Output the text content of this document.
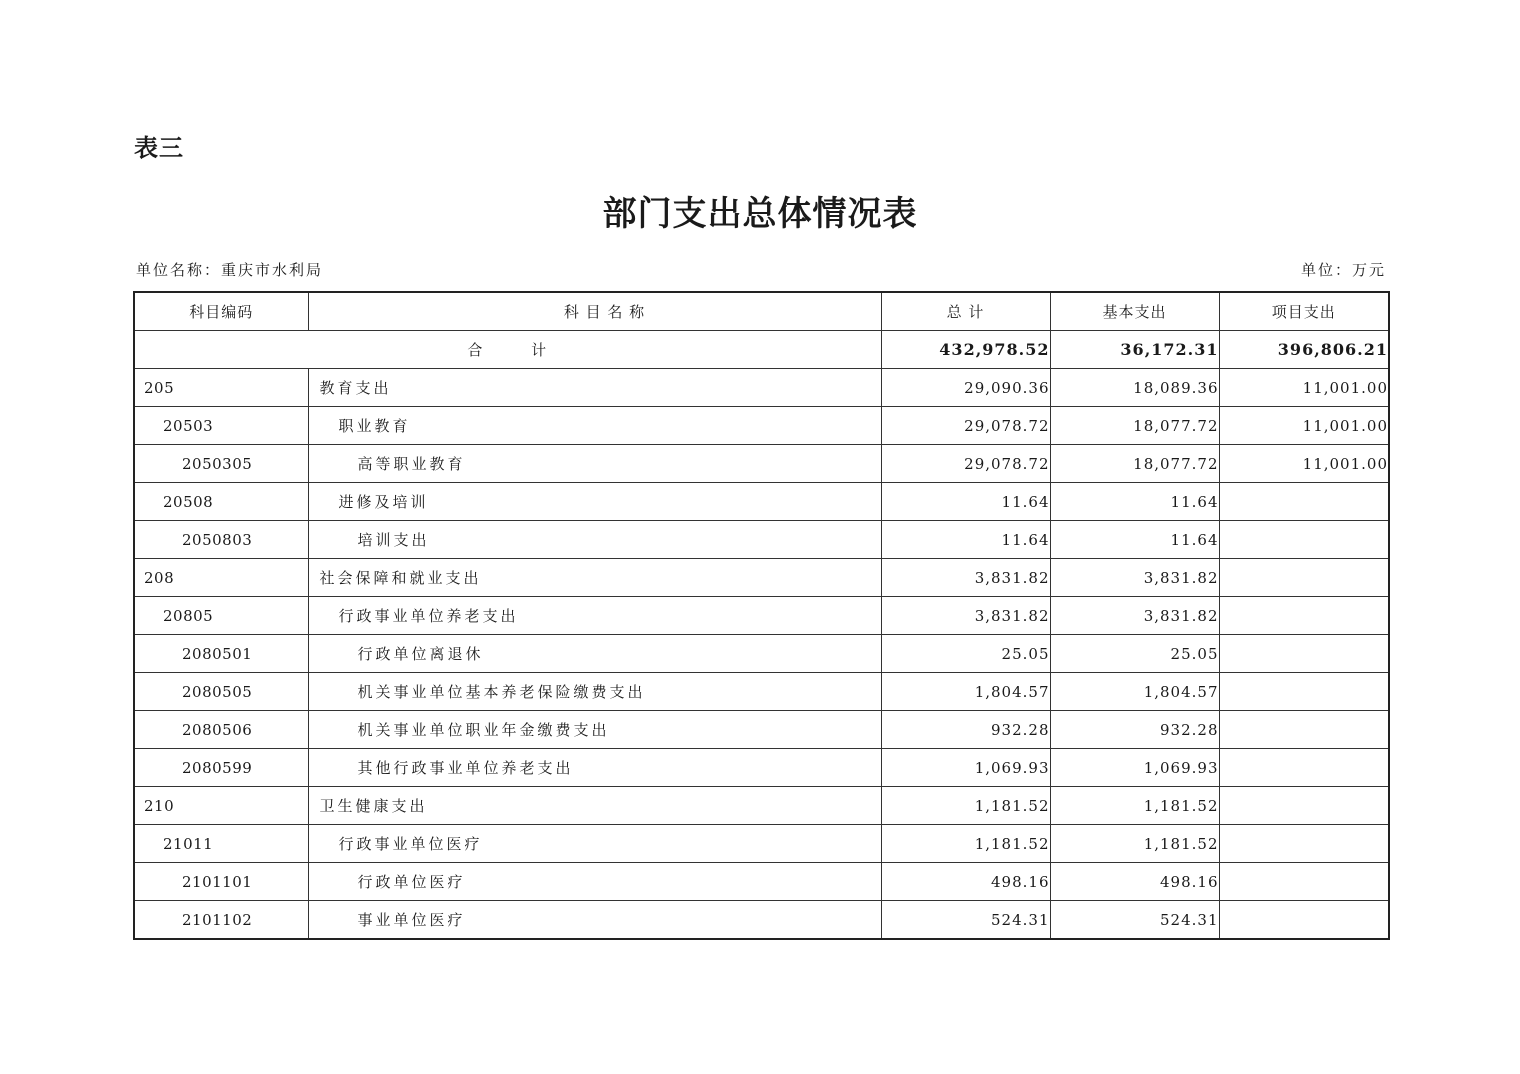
表三
部门支出总体情况表
单位名称：重庆市水利局	单位：万元
科目编码	科 目 名 称	总 计	基本支出	项目支出
合 计		432,978.52	36,172.31	396,806.21
205	教育支出	29,090.36	18,089.36	11,001.00
20503	职业教育	29,078.72	18,077.72	11,001.00
2050305	高等职业教育	29,078.72	18,077.72	11,001.00
20508	进修及培训	11.64	11.64	
2050803	培训支出	11.64	11.64	
208	社会保障和就业支出	3,831.82	3,831.82	
20805	行政事业单位养老支出	3,831.82	3,831.82	
2080501	行政单位离退休	25.05	25.05	
2080505	机关事业单位基本养老保险缴费支出	1,804.57	1,804.57	
2080506	机关事业单位职业年金缴费支出	932.28	932.28	
2080599	其他行政事业单位养老支出	1,069.93	1,069.93	
210	卫生健康支出	1,181.52	1,181.52	
21011	行政事业单位医疗	1,181.52	1,181.52	
2101101	行政单位医疗	498.16	498.16	
2101102	事业单位医疗	524.31	524.31	
